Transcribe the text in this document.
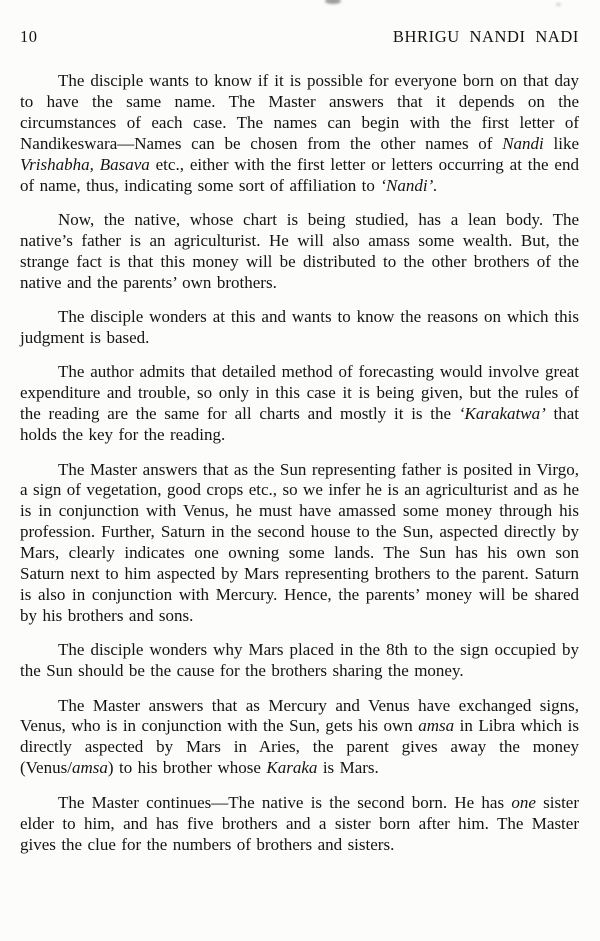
10	BHRIGU NANDI NADI

The disciple wants to know if it is possible for everyone born on that day to have the same name. The Master answers that it depends on the circumstances of each case. The names can begin with the first letter of Nandikeswara—Names can be chosen from the other names of Nandi like Vrishabha, Basava etc., either with the first letter or letters occurring at the end of name, thus, indicating some sort of affiliation to ‘Nandi’.

Now, the native, whose chart is being studied, has a lean body. The native’s father is an agriculturist. He will also amass some wealth. But, the strange fact is that this money will be distributed to the other brothers of the native and the parents’ own brothers.

The disciple wonders at this and wants to know the reasons on which this judgment is based.

The author admits that detailed method of forecasting would involve great expenditure and trouble, so only in this case it is being given, but the rules of the reading are the same for all charts and mostly it is the ‘Karakatwa’ that holds the key for the reading.

The Master answers that as the Sun representing father is posited in Virgo, a sign of vegetation, good crops etc., so we infer he is an agriculturist and as he is in conjunction with Venus, he must have amassed some money through his profession. Further, Saturn in the second house to the Sun, aspected directly by Mars, clearly indicates one owning some lands. The Sun has his own son Saturn next to him aspected by Mars representing brothers to the parent. Saturn is also in conjunction with Mercury. Hence, the parents’ money will be shared by his brothers and sons.

The disciple wonders why Mars placed in the 8th to the sign occupied by the Sun should be the cause for the brothers sharing the money.

The Master answers that as Mercury and Venus have exchanged signs, Venus, who is in conjunction with the Sun, gets his own amsa in Libra which is directly aspected by Mars in Aries, the parent gives away the money (Venus/amsa) to his brother whose Karaka is Mars.

The Master continues—The native is the second born. He has one sister elder to him, and has five brothers and a sister born after him. The Master gives the clue for the numbers of brothers and sisters.
